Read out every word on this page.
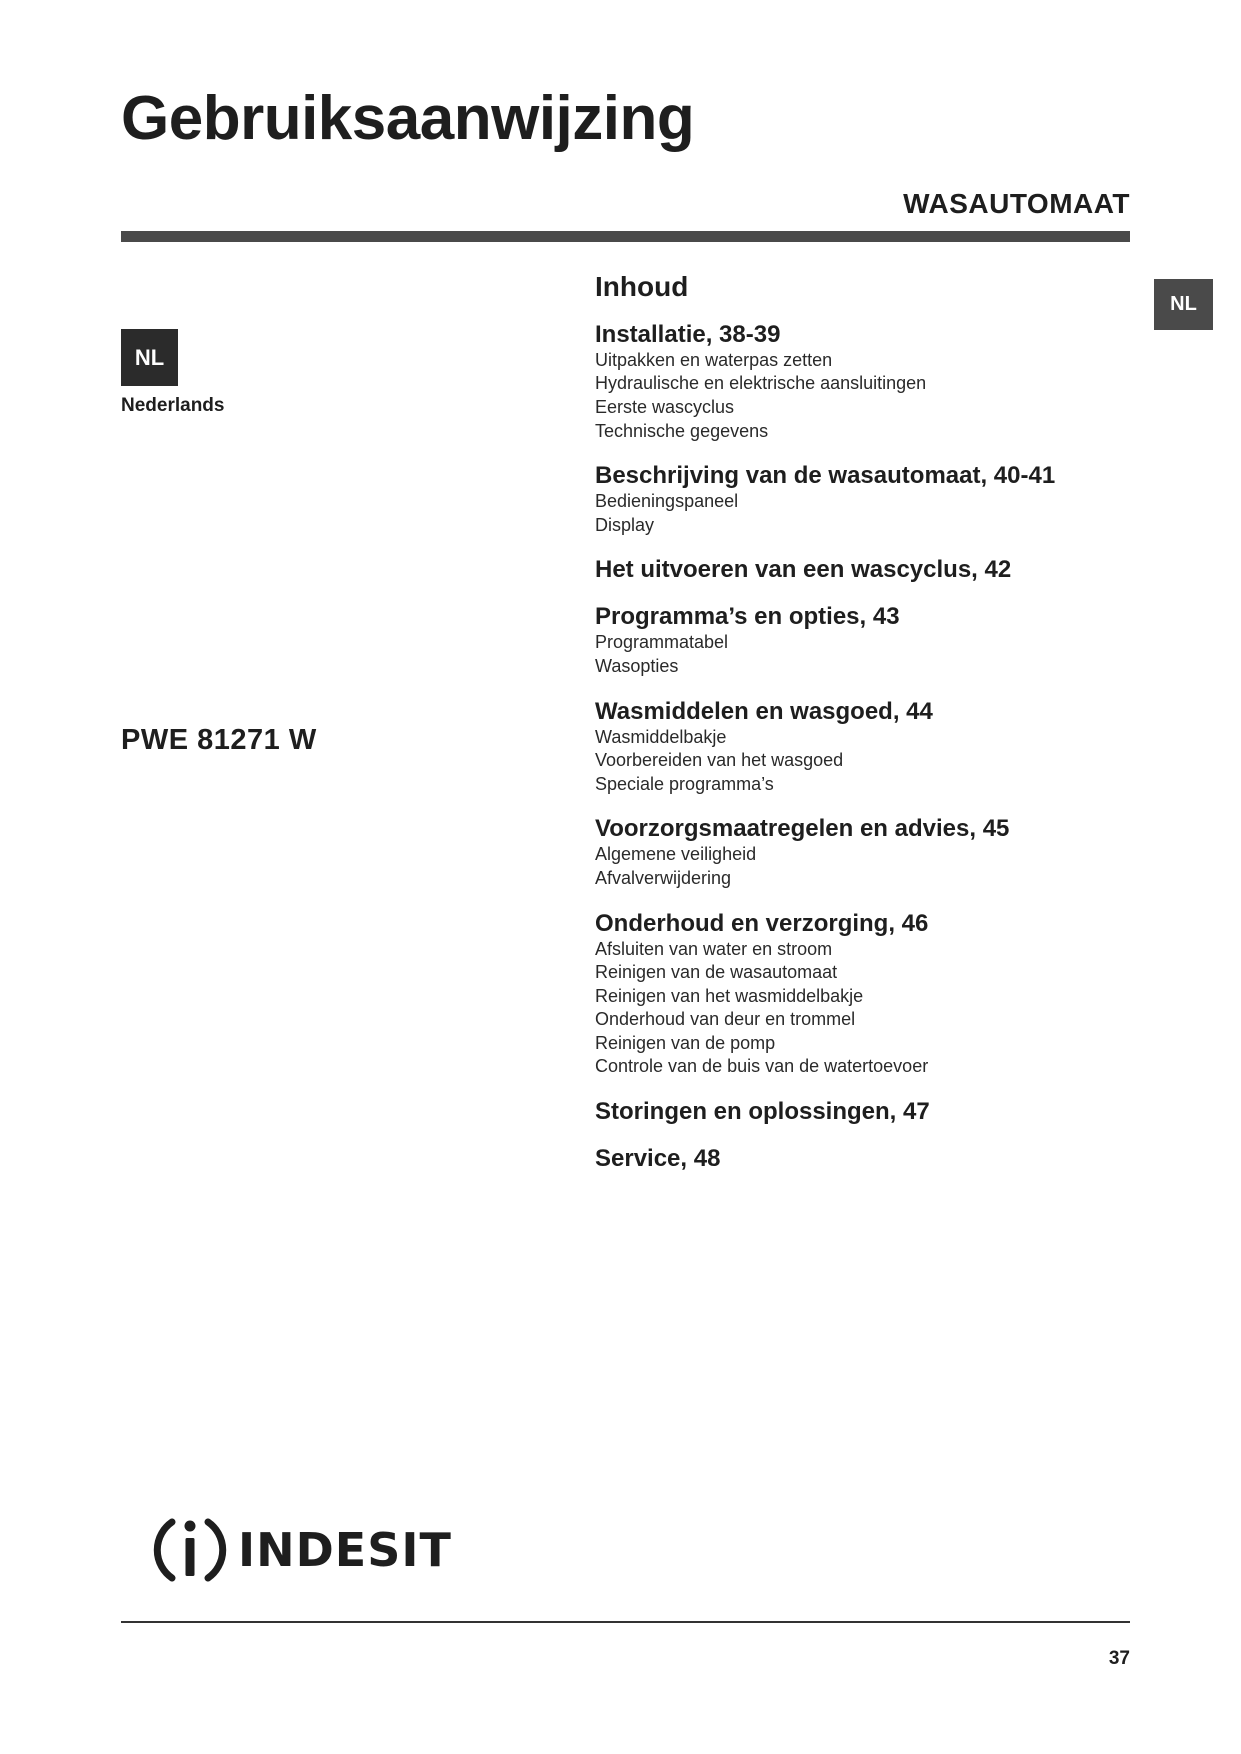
Gebruiksaanwijzing
WASAUTOMAAT
NL
NL
Nederlands
PWE 81271 W
Inhoud
Installatie, 38-39
Uitpakken en waterpas zetten
Hydraulische en elektrische aansluitingen
Eerste wascyclus
Technische gegevens
Beschrijving van de wasautomaat, 40-41
Bedieningspaneel
Display
Het uitvoeren van een wascyclus, 42
Programma’s en opties, 43
Programmatabel
Wasopties
Wasmiddelen en wasgoed, 44
Wasmiddelbakje
Voorbereiden van het wasgoed
Speciale programma’s
Voorzorgsmaatregelen en advies, 45
Algemene veiligheid
Afvalverwijdering
Onderhoud en verzorging, 46
Afsluiten van water en stroom
Reinigen van de wasautomaat
Reinigen van het wasmiddelbakje
Onderhoud van deur en trommel
Reinigen van de pomp
Controle van de buis van de watertoevoer
Storingen en oplossingen, 47
Service, 48
INDESIT
37
